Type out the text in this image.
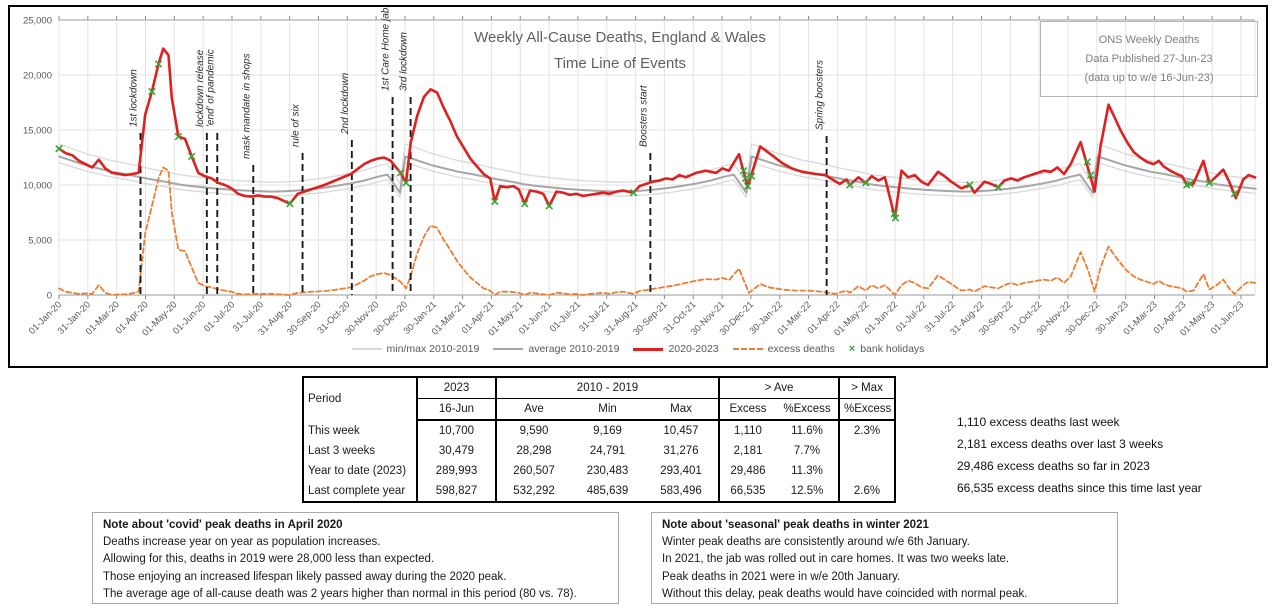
0
5,000
10,000
15,000
20,000
25,000
01-Jan-20
31-Jan-20
01-Mar-20
01-Apr-20
01-May-20
01-Jun-20
01-Jul-20
31-Jul-20
31-Aug-20
30-Sep-20
31-Oct-20
30-Nov-20
30-Dec-20
30-Jan-21
01-Mar-21
01-Apr-21
01-May-21
01-Jun-21
01-Jul-21
31-Jul-21
31-Aug-21
30-Sep-21
31-Oct-21
30-Nov-21
30-Dec-21
30-Jan-22
01-Mar-22
01-Apr-22
01-May-22
01-Jun-22
01-Jul-22
31-Jul-22
31-Aug-22
30-Sep-22
31-Oct-22
30-Nov-22
30-Dec-22
30-Jan-23
01-Mar-23
01-Apr-23
01-May-23
01-Jun-23
1st lockdown	lockdown release 'end' of pandemic	mask mandate in shops	rule of six	2nd lockdown
1st Care Home jabs 3rd lockdown
Boosters start	Spring boosters
Weekly All-Cause Deaths, England & Wales
Time Line of Events
ONS Weekly Deaths
Data Published 27-Jun-23
(data up to w/e 16-Jun-23)
min/max 2010-2019	average 2010-2019	2020-2023	excess deaths × bank holidays
Period	2023	2010 - 2019			> Ave		> Max
	16-Jun	Ave	Min	Max	Excess	%Excess	%Excess
This week	10,700	9,590	9,169	10,457	1,110	11.6%	2.3%
Last 3 weeks	30,479	28,298	24,791	31,276	2,181	7.7%	
Year to date (2023)	289,993	260,507	230,483	293,401	29,486	11.3%	
Last complete year	598,827	532,292	485,639	583,496	66,535	12.5%	2.6%
1,110 excess deaths last week
2,181 excess deaths over last 3 weeks
29,486 excess deaths so far in 2023
66,535 excess deaths since this time last year
Note about 'covid' peak deaths in April 2020
Deaths increase year on year as population increases.
Allowing for this, deaths in 2019 were 28,000 less than expected.
Those enjoying an increased lifespan likely passed away during the 2020 peak.
The average age of all-cause death was 2 years higher than normal in this period (80 vs. 78).
Note about 'seasonal' peak deaths in winter 2021
Winter peak deaths are consistently around w/e 6th January.
In 2021, the jab was rolled out in care homes. It was two weeks late.
Peak deaths in 2021 were in w/e 20th January.
Without this delay, peak deaths would have coincided with normal peak.
